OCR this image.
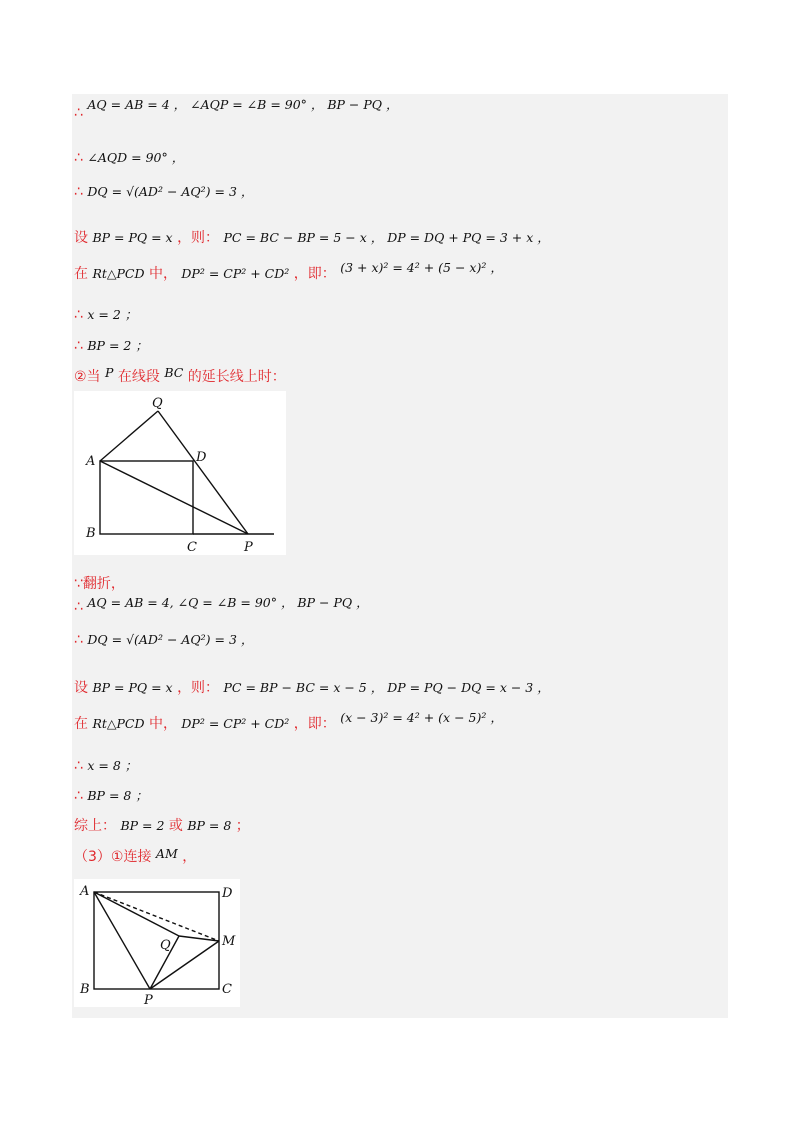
∴ AQ = AB = 4 ， ∠AQP = ∠B = 90° ， BP − PQ ，
∴ ∠AQD = 90° ，
∴ DQ = √(AD² − AQ²) = 3 ，
设 BP = PQ = x ，则： PC = BC − BP = 5 − x ， DP = DQ + PQ = 3 + x ，
在 Rt△PCD 中， DP² = CP² + CD² ，即： (3 + x)² = 4² + (5 − x)² ，
∴ x = 2 ；
∴ BP = 2 ；
②当 P 在线段 BC 的延长线上时：
Q
A	D
B
C	P
∵翻折，
∴ AQ = AB = 4, ∠Q = ∠B = 90° ， BP − PQ ，
∴ DQ = √(AD² − AQ²) = 3 ，
设 BP = PQ = x ，则： PC = BP − BC = x − 5 ， DP = PQ − DQ = x − 3 ，
在 Rt△PCD 中， DP² = CP² + CD² ，即： (x − 3)² = 4² + (x − 5)² ，
∴ x = 8 ；
∴ BP = 8 ；
综上： BP = 2 或 BP = 8 ；
（3）①连接 AM ，
A	D
Q	M
B
P
C
